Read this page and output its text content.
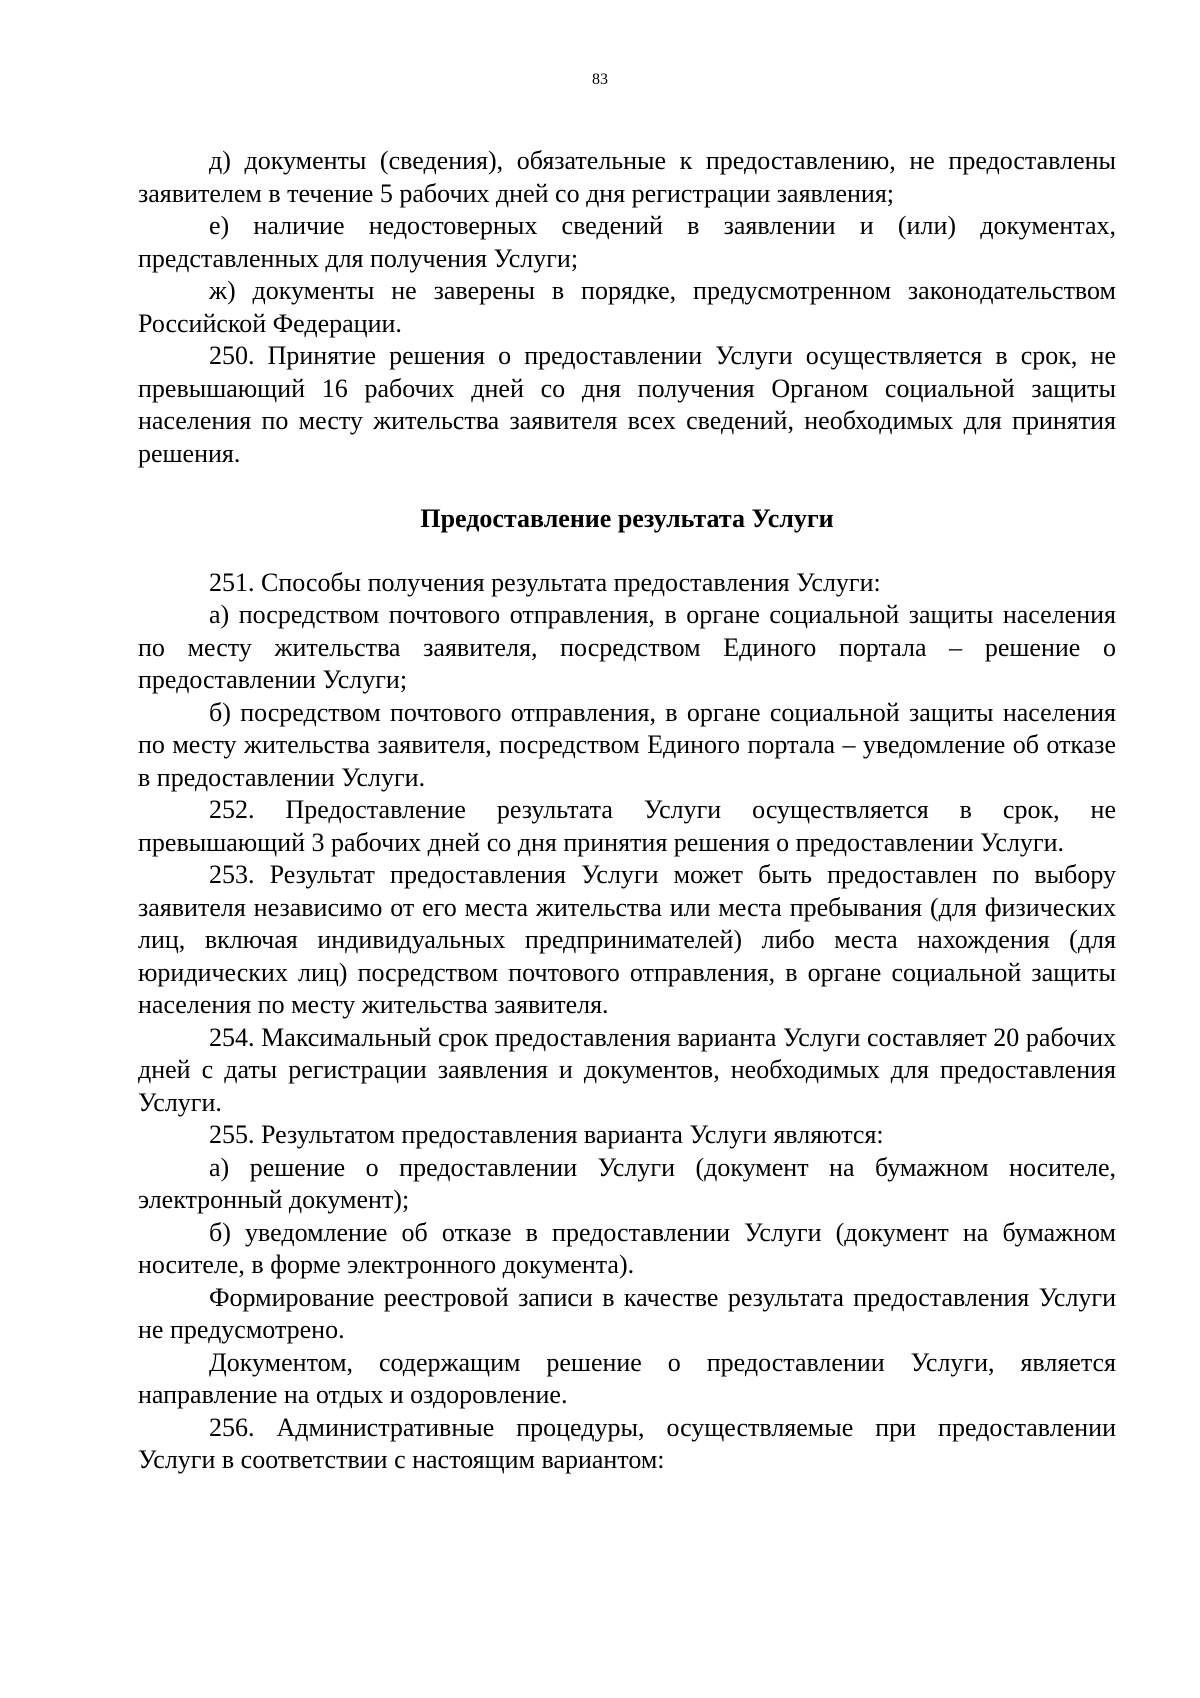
83

д) документы (сведения), обязательные к предоставлению, не предоставлены заявителем в течение 5 рабочих дней со дня регистрации заявления;

е) наличие недостоверных сведений в заявлении и (или) документах, представленных для получения Услуги;

ж) документы не заверены в порядке, предусмотренном законодательством Российской Федерации.

250. Принятие решения о предоставлении Услуги осуществляется в срок, не превышающий 16 рабочих дней со дня получения Органом социальной защиты населения по месту жительства заявителя всех сведений, необходимых для принятия решения.

Предоставление результата Услуги

251. Способы получения результата предоставления Услуги:

а) посредством почтового отправления, в органе социальной защиты населения по месту жительства заявителя, посредством Единого портала – решение о предоставлении Услуги;

б) посредством почтового отправления, в органе социальной защиты населения по месту жительства заявителя, посредством Единого портала – уведомление об отказе в предоставлении Услуги.

252. Предоставление результата Услуги осуществляется в срок, не превышающий 3 рабочих дней со дня принятия решения о предоставлении Услуги.

253. Результат предоставления Услуги может быть предоставлен по выбору заявителя независимо от его места жительства или места пребывания (для физических лиц, включая индивидуальных предпринимателей) либо места нахождения (для юридических лиц) посредством почтового отправления, в органе социальной защиты населения по месту жительства заявителя.

254. Максимальный срок предоставления варианта Услуги составляет 20 рабочих дней с даты регистрации заявления и документов, необходимых для предоставления Услуги.

255. Результатом предоставления варианта Услуги являются:

а) решение о предоставлении Услуги (документ на бумажном носителе, электронный документ);

б) уведомление об отказе в предоставлении Услуги (документ на бумажном носителе, в форме электронного документа).

Формирование реестровой записи в качестве результата предоставления Услуги не предусмотрено.

Документом, содержащим решение о предоставлении Услуги, является направление на отдых и оздоровление.

256. Административные процедуры, осуществляемые при предоставлении Услуги в соответствии с настоящим вариантом:
